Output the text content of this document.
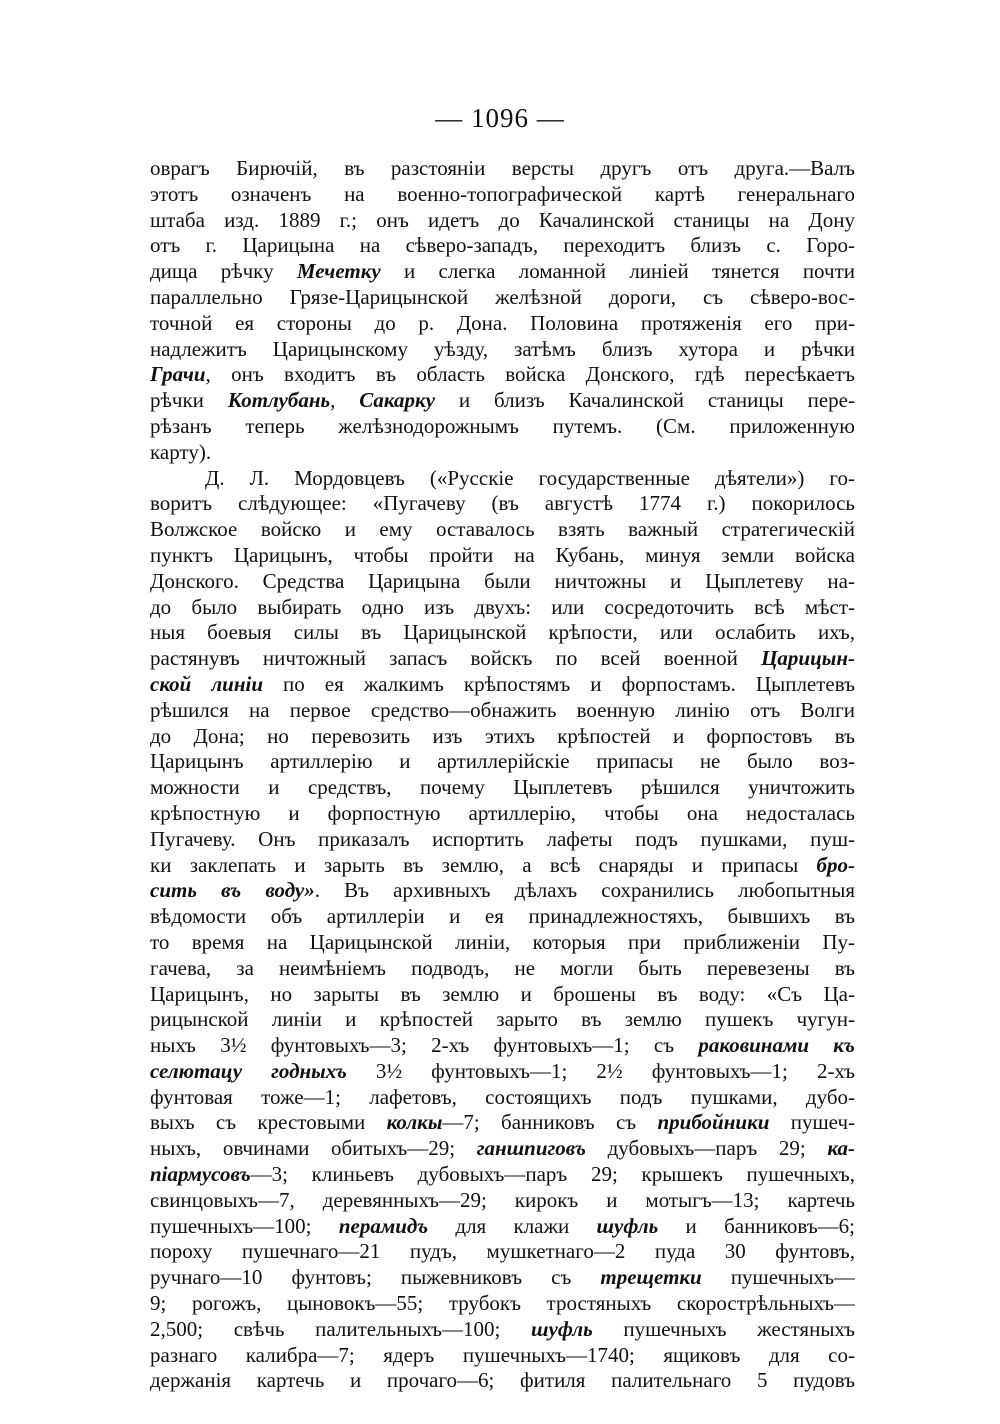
— 1096 —
оврагъ Бирючій, въ разстояніи версты другъ отъ друга.—Валъ
этотъ означенъ на военно-топографической картѣ генеральнаго
штаба изд. 1889 г.; онъ идетъ до Качалинской станицы на Дону
отъ г. Царицына на сѣверо-западъ, переходитъ близъ с. Горо-
дища рѣчку Мечетку и слегка ломанной линіей тянется почти
параллельно Грязе-Царицынской желѣзной дороги, съ сѣверо-вос-
точной ея стороны до р. Дона. Половина протяженія его при-
надлежитъ Царицынскому уѣзду, затѣмъ близъ хутора и рѣчки
Грачи, онъ входитъ въ область войска Донского, гдѣ пересѣкаетъ
рѣчки Котлубань, Сакарку и близъ Качалинской станицы пере-
рѣзанъ теперь желѣзнодорожнымъ путемъ. (См. приложенную
карту).
Д. Л. Мордовцевъ («Русскіе государственные дѣятели») го-
воритъ слѣдующее: «Пугачеву (въ августѣ 1774 г.) покорилось
Волжское войско и ему оставалось взять важный стратегическій
пунктъ Царицынъ, чтобы пройти на Кубань, минуя земли войска
Донского. Средства Царицына были ничтожны и Цыплетеву на-
до было выбирать одно изъ двухъ: или сосредоточить всѣ мѣст-
ныя боевыя силы въ Царицынской крѣпости, или ослабить ихъ,
растянувъ ничтожный запасъ войскъ по всей военной Царицын-
ской линіи по ея жалкимъ крѣпостямъ и форпостамъ. Цыплетевъ
рѣшился на первое средство—обнажить военную линію отъ Волги
до Дона; но перевозить изъ этихъ крѣпостей и форпостовъ въ
Царицынъ артиллерію и артиллерійскіе припасы не было воз-
можности и средствъ, почему Цыплетевъ рѣшился уничтожить
крѣпостную и форпостную артиллерію, чтобы она недосталась
Пугачеву. Онъ приказалъ испортить лафеты подъ пушками, пуш-
ки заклепать и зарыть въ землю, а всѣ снаряды и припасы бро-
сить въ воду». Въ архивныхъ дѣлахъ сохранились любопытныя
вѣдомости объ артиллеріи и ея принадлежностяхъ, бывшихъ въ
то время на Царицынской линіи, которыя при приближеніи Пу-
гачева, за неимѣніемъ подводъ, не могли быть перевезены въ
Царицынъ, но зарыты въ землю и брошены въ воду: «Съ Ца-
рицынской линіи и крѣпостей зарыто въ землю пушекъ чугун-
ныхъ 3½ фунтовыхъ—3; 2-хъ фунтовыхъ—1; съ раковинами къ
селютацу годныхъ 3½ фунтовыхъ—1; 2½ фунтовыхъ—1; 2-хъ
фунтовая тоже—1; лафетовъ, состоящихъ подъ пушками, дубо-
выхъ съ крестовыми колкы—7; банниковъ съ прибойники пушеч-
ныхъ, овчинами обитыхъ—29; ганшпиговъ дубовыхъ—паръ 29; ка-
піармусовъ—3; клиньевъ дубовыхъ—паръ 29; крышекъ пушечныхъ,
свинцовыхъ—7, деревянныхъ—29; кирокъ и мотыгъ—13; картечь
пушечныхъ—100; перамидъ для клажи шуфль и банниковъ—6;
пороху пушечнаго—21 пудъ, мушкетнаго—2 пуда 30 фунтовъ,
ручнаго—10 фунтовъ; пыжевниковъ съ трещетки пушечныхъ—
9; рогожъ, цыновокъ—55; трубокъ тростяныхъ скорострѣльныхъ—
2,500; свѣчь палительныхъ—100; шуфль пушечныхъ жестяныхъ
разнаго калибра—7; ядеръ пушечныхъ—1740; ящиковъ для со-
держанія картечь и прочаго—6; фитиля палительнаго 5 пудовъ
